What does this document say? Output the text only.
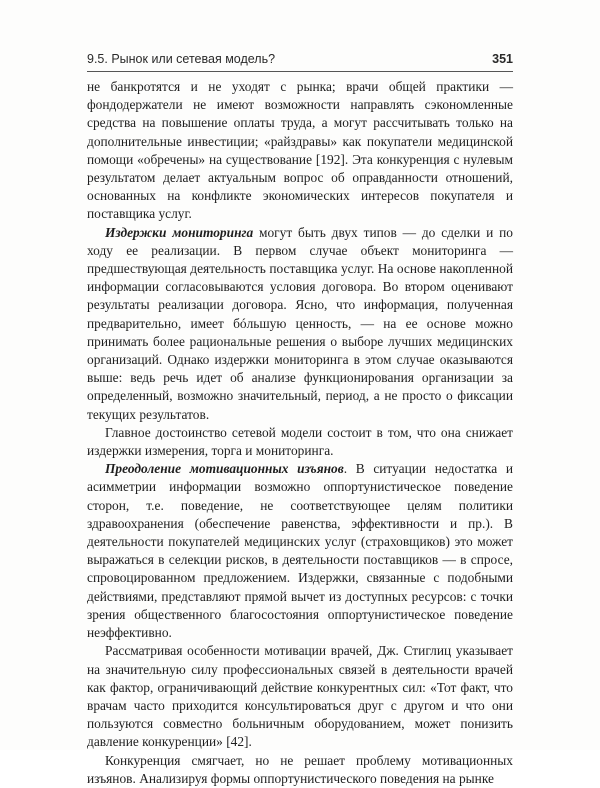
9.5. Рынок или сетевая модель?	351

не банкротятся и не уходят с рынка; врачи общей практики — фондодержатели не имеют возможности направлять сэкономленные средства на повышение оплаты труда, а могут рассчитывать только на дополнительные инвестиции; «райздравы» как покупатели медицинской помощи «обречены» на существование [192]. Эта конкуренция с нулевым результатом делает актуальным вопрос об оправданности отношений, основанных на конфликте экономических интересов покупателя и поставщика услуг.

Издержки мониторинга могут быть двух типов — до сделки и по ходу ее реализации. В первом случае объект мониторинга — предшествующая деятельность поставщика услуг. На основе накопленной информации согласовываются условия договора. Во втором оценивают результаты реализации договора. Ясно, что информация, полученная предварительно, имеет бóльшую ценность, — на ее основе можно принимать более рациональные решения о выборе лучших медицинских организаций. Однако издержки мониторинга в этом случае оказываются выше: ведь речь идет об анализе функционирования организации за определенный, возможно значительный, период, а не просто о фиксации текущих результатов.

Главное достоинство сетевой модели состоит в том, что она снижает издержки измерения, торга и мониторинга.

Преодоление мотивационных изъянов. В ситуации недостатка и асимметрии информации возможно оппортунистическое поведение сторон, т.е. поведение, не соответствующее целям политики здравоохранения (обеспечение равенства, эффективности и пр.). В деятельности покупателей медицинских услуг (страховщиков) это может выражаться в селекции рисков, в деятельности поставщиков — в спросе, спровоцированном предложением. Издержки, связанные с подобными действиями, представляют прямой вычет из доступных ресурсов: с точки зрения общественного благосостояния оппортунистическое поведение неэффективно.

Рассматривая особенности мотивации врачей, Дж. Стиглиц указывает на значительную силу профессиональных связей в деятельности врачей как фактор, ограничивающий действие конкурентных сил: «Тот факт, что врачам часто приходится консультироваться друг с другом и что они пользуются совместно больничным оборудованием, может понизить давление конкуренции» [42].

Конкуренция смягчает, но не решает проблему мотивационных изъянов. Анализируя формы оппортунистического поведения на рынке
